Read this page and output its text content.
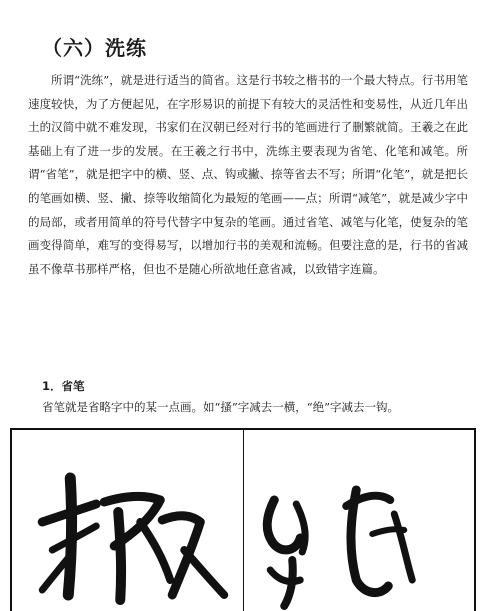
（六）洗练
所谓“洗练”，就是进行适当的简省。这是行书较之楷书的一个最大特点。行书用笔速度较快，为了方便起见，在字形易识的前提下有较大的灵活性和变易性，从近几年出土的汉简中就不难发现，书家们在汉朝已经对行书的笔画进行了删繁就简。王羲之在此基础上有了进一步的发展。在王羲之行书中，洗练主要表现为省笔、化笔和减笔。所谓“省笔”，就是把字中的横、竖、点、钩或撇、捺等省去不写；所谓“化笔”，就是把长的笔画如横、竖、撇、捺等收缩简化为最短的笔画——点；所谓“减笔”，就是减少字中的局部，或者用简单的符号代替字中复杂的笔画。通过省笔、减笔与化笔，使复杂的笔画变得简单，难写的变得易写，以增加行书的美观和流畅。但要注意的是，行书的省减虽不像草书那样严格，但也不是随心所欲地任意省减，以致错字连篇。
1．省笔
省笔就是省略字中的某一点画。如“搔”字减去一横，“绝”字减去一钩。
